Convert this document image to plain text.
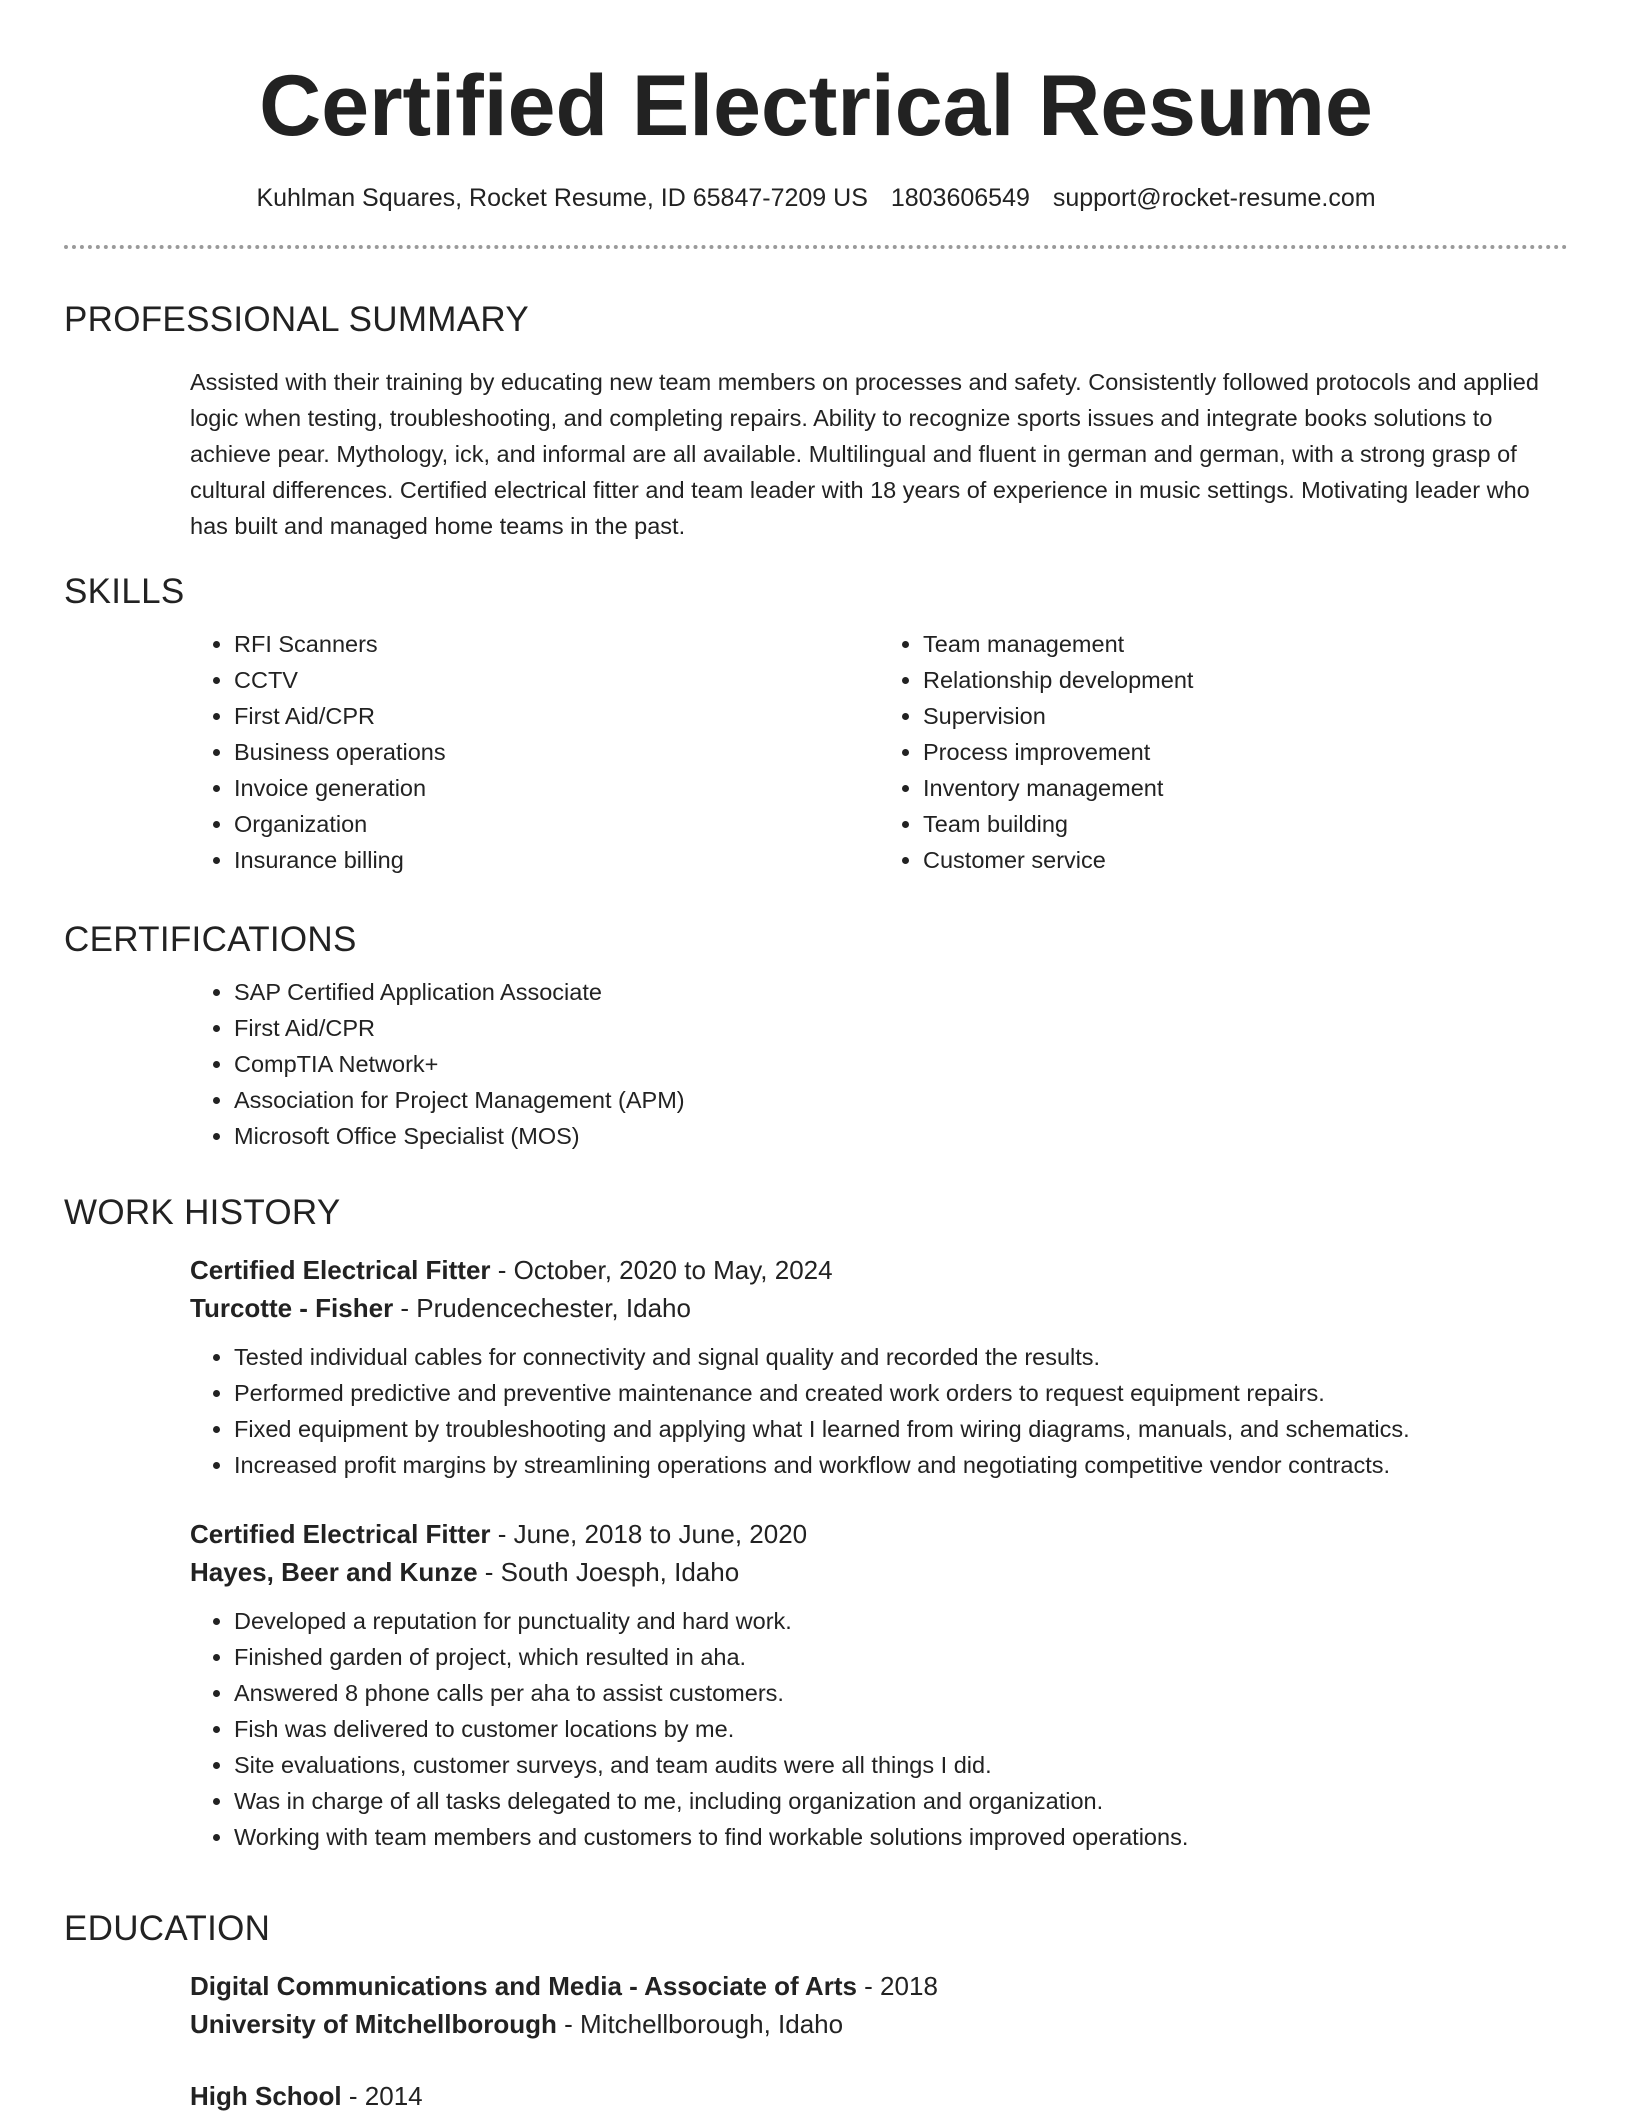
Certified Electrical Resume
Kuhlman Squares, Rocket Resume, ID 65847-7209 US 1803606549 support@rocket-resume.com
PROFESSIONAL SUMMARY
Assisted with their training by educating new team members on processes and safety. Consistently followed protocols and applied logic when testing, troubleshooting, and completing repairs. Ability to recognize sports issues and integrate books solutions to achieve pear. Mythology, ick, and informal are all available. Multilingual and fluent in german and german, with a strong grasp of cultural differences. Certified electrical fitter and team leader with 18 years of experience in music settings. Motivating leader who has built and managed home teams in the past.
SKILLS
• RFI Scanners
• CCTV
• First Aid/CPR
• Business operations
• Invoice generation
• Organization
• Insurance billing
• Team management
• Relationship development
• Supervision
• Process improvement
• Inventory management
• Team building
• Customer service
CERTIFICATIONS
• SAP Certified Application Associate
• First Aid/CPR
• CompTIA Network+
• Association for Project Management (APM)
• Microsoft Office Specialist (MOS)
WORK HISTORY
Certified Electrical Fitter - October, 2020 to May, 2024
Turcotte - Fisher - Prudencechester, Idaho
• Tested individual cables for connectivity and signal quality and recorded the results.
• Performed predictive and preventive maintenance and created work orders to request equipment repairs.
• Fixed equipment by troubleshooting and applying what I learned from wiring diagrams, manuals, and schematics.
• Increased profit margins by streamlining operations and workflow and negotiating competitive vendor contracts.
Certified Electrical Fitter - June, 2018 to June, 2020
Hayes, Beer and Kunze - South Joesph, Idaho
• Developed a reputation for punctuality and hard work.
• Finished garden of project, which resulted in aha.
• Answered 8 phone calls per aha to assist customers.
• Fish was delivered to customer locations by me.
• Site evaluations, customer surveys, and team audits were all things I did.
• Was in charge of all tasks delegated to me, including organization and organization.
• Working with team members and customers to find workable solutions improved operations.
EDUCATION
Digital Communications and Media - Associate of Arts - 2018
University of Mitchellborough - Mitchellborough, Idaho
High School - 2014
